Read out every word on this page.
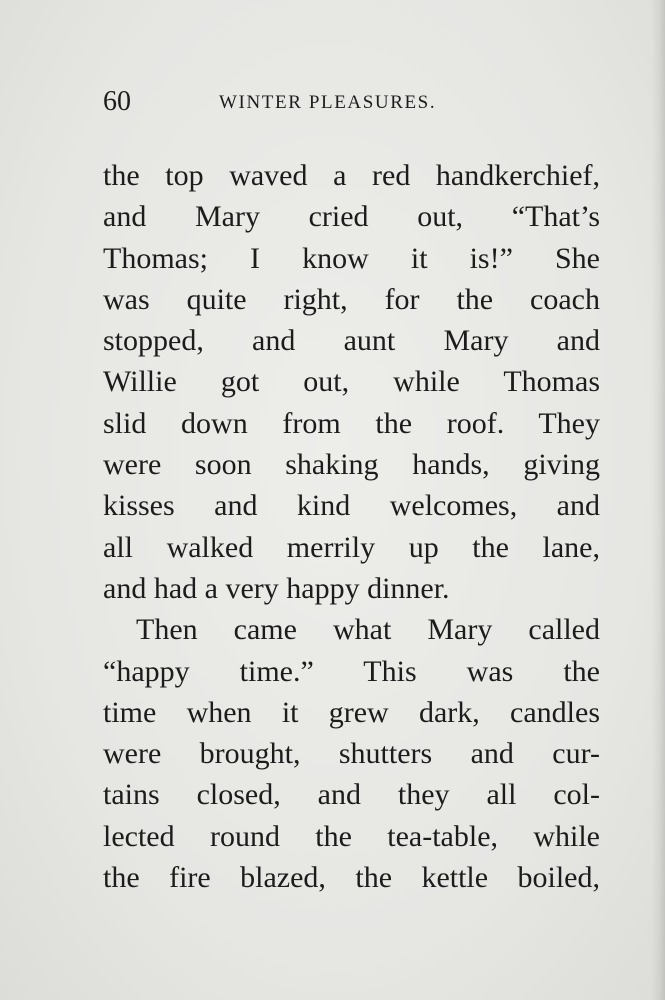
60	WINTER PLEASURES.
the top waved a red handkerchief,
and Mary cried out, “That’s
Thomas; I know it is!” She
was quite right, for the coach
stopped, and aunt Mary and
Willie got out, while Thomas
slid down from the roof. They
were soon shaking hands, giving
kisses and kind welcomes, and
all walked merrily up the lane,
and had a very happy dinner.
Then came what Mary called
“happy time.” This was the
time when it grew dark, candles
were brought, shutters and cur-
tains closed, and they all col-
lected round the tea-table, while
the fire blazed, the kettle boiled,
